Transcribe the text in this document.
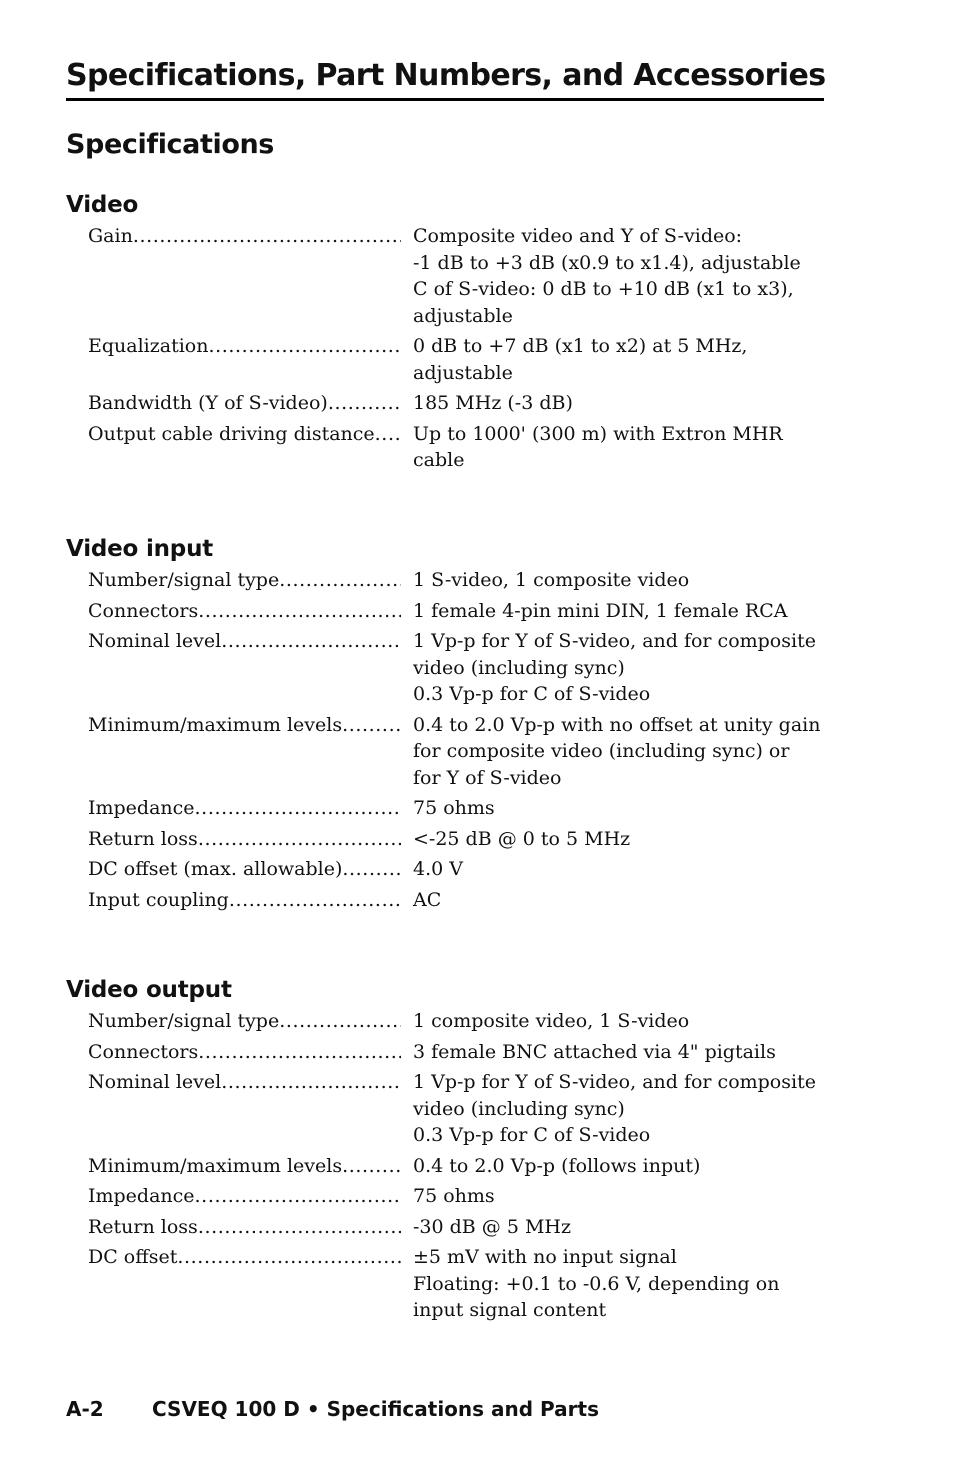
Specifications, Part Numbers, and Accessories
Specifications
Video
Gain .....	Composite video and Y of S-video:
-1 dB to +3 dB (x0.9 to x1.4), adjustable
C of S-video: 0 dB to +10 dB (x1 to x3),
adjustable
Equalization .....	0 dB to +7 dB (x1 to x2) at 5 MHz,
adjustable
Bandwidth (Y of S-video) .....	185 MHz (-3 dB)
Output cable driving distance .....	Up to 1000' (300 m) with Extron MHR
cable
Video input
Number/signal type .....	1 S-video, 1 composite video
Connectors .....	1 female 4-pin mini DIN, 1 female RCA
Nominal level .....	1 Vp-p for Y of S-video, and for composite
video (including sync)
0.3 Vp-p for C of S-video
Minimum/maximum levels .....	0.4 to 2.0 Vp-p with no offset at unity gain
for composite video (including sync) or
for Y of S-video
Impedance .....	75 ohms
Return loss .....	<-25 dB @ 0 to 5 MHz
DC offset (max. allowable) .....	4.0 V
Input coupling .....	AC
Video output
Number/signal type .....	1 composite video, 1 S-video
Connectors .....	3 female BNC attached via 4" pigtails
Nominal level .....	1 Vp-p for Y of S-video, and for composite
video (including sync)
0.3 Vp-p for C of S-video
Minimum/maximum levels .....	0.4 to 2.0 Vp-p (follows input)
Impedance .....	75 ohms
Return loss .....	-30 dB @ 5 MHz
DC offset .....	±5 mV with no input signal
Floating: +0.1 to -0.6 V, depending on
input signal content
A-2 CSVEQ 100 D • Specifications and Parts
